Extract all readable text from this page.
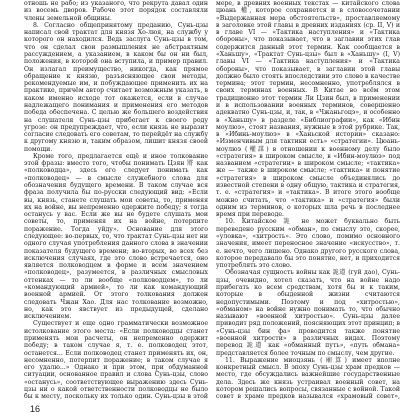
отношь не рабо; из указаного, что рекрута давал один из восемь дворов. Рабоче этот порядок составляли члены земельной общины.

8. Согласно общепринятому преданию, Сунь-цзы написал свой трактат для князя Хо-люя, на службу у которого он находился. Ведь заслуга Сунь-цзы в том, что он сделал свои размышления не абстрактным рассуждением, а указанием, в каком бы он ни был, положения, в которой она вступила, и пример правил. Он излагал преимущество, никогда, как прямое обращение к князю, разъясняющее свои методы, рекомендуемые им, и побуждающее применить их на практике, причём автор считает возможным указать, в каком именно исходе тот окажется, если в случае надлежащего понимания и применения его методов победа обеспечена. С целью же большего воздействия на слушателя Сунь-цзы прибегает к своего роду угрозе: он предупреждает, что, если князь не выразит согласие следовать его советам, то перейдёт на службу к другому князю и, таким образом, лишит князя своей помощи.

Кроме того, предлагается ещё и иное толкование этой фразы: вместо того, чтобы понимать Цзян 將 как «полководца», здесь его следует понимать как «полководец» — в смысле служебного слова для обозначения будущего времени. В таком случае вся фраза получила бы по-русски следующий вид: «Если вы, князь, станете слушать мои советы, то, применяя их на войне, вы непременно одержите победу; я тогда останусь у вас. Если же вы не будете слушать мои советы, то, применяя их на войне, потерпите поражение. Тогда уйду». Основание для этого следующее: во-первых, то, что трактат Сунь-цзы нет ни одного случая употребления данного слова в значении показателя будущего времени; во-вторых, во всех без исключения случаях, где это слово встречается, оно является полководцем в форме и всем значением «полководец», разумеется, в различных смысловых оттенках — то ли вообще «полководцем», то ли «командующий армией», то ли как командующий военной армией. От этого толкования должен следовать Чжан Хао. Для нас толкование возможно, но, как это явствует из предыдущей, сделано исключением.

Существует и еще одно грамматически возможное истолкование этого места: «Если полководцы станет применять мои расчеты, он непременно одержит победу; в таком случае я, т. е. полководец этот, останется... Если полководец станет применять их, он, несомненно, потерпит поражение; в таком случае я его удалю...» Однако и при этом, при обдуманной ситуации, основанное правил и слова Сунь-цзы, слово «останусь», соответствующее выражению здесь Сунь-цзы ни о какой ответственности полководцы не было бы к месту, поскольку их только один. Сунь-цзы в этой

мере, в древних военных текстах — китайского слова цюань 權, которое сохраняется и в словосочетании «Выдержанная мера обстоятельств», проставляемому в заголовке этой главы в древних изданиях (ср. II, V) и в главе VI — «Тактика наступления» и «Тактика обороны», что показывает, что в заглавии этих глав содержится данный этот термин. Как сообщается в «Ханьшу», «Трактат Сунь-цзы» был в «Ханьшу» (I, V) главы VI — «Тактика наступления» и «Тактика обороны», что показывает, в заглавии этой главы должно было стоять впоследствии это слово в качестве термина; этот термин, несомненно, употреблялся в своих терминах военных. В Китае во всём этом традиционно этот термин Ли Цзин был, в применении и в использовании военных терминов, совершенно адекватно Сунь-цзы, и, так, в «Чжаньгоцэ», и особенно в «Ханьшу» в разделе «Библиографии», как «Ибин моулюэ», стоят названия, нужные в этой рубрике. Так, в «Ибинь-моулюэ» в «Ханьской истории» сказано: «Изменчивым для тактики есть» «стратегии». Цюань-моулюэ (權謀) в отношении к военному делу было «стратегия» в широком смысле, в «Ибин-моулюэ» под названием «стратегии» в широком смысле; «тактика» же — также в широком смысле; «тактика» и понятие «стратегия» в широком смысле объединялись до известной степени в одну общую, тактика и стратегия, т. е. «стратегия» и «тактика». В итоге этого вообще можно считать, что «тактика» и «стратегия» были одним из терминов, о которых шла речь в последнее время при переводе.

10. Китайское 詭 не может буквально быть переведено русским «обман», по смыслу это, скорее, «уловка», «хитрость». Это слово, помимо основного значения, имеет переносное значение «искусство», т. е. нечто, чего лишено. Однако другого русского слова, которое передавало бы это понятие, нет, и приходится употреблять это слово.

Обозначая сущность войны как 詭道 (гуй дао), Сунь-цзы, очевидно, хотел сказать, что на войне надо прибегать ко всем средствам, хотя бы и к таким, которые в обыденной жизни считаются недопустимыми. Поэтому и под «хитростью», «обманом» на войне нужно понимать то, что обычно называют «военной хитростью». Сунь-цзы далее приводит ряд положений, поясняющих этот принцип; в «Сунь-цзы бин фа» проводится также понятие «военной хитрости» в различных видах. Поэтому перевод 詭道 как «обманный путь», «путь обмана» представляется более точным по смыслу, чем другие.

11. Выражение миоцзянь (廟算) имеет вполне конкретный смысл. В эпоху Сунь-цзы храм предков — место, где обсуждались важнейшие государственные дела. Здесь же князь устраивал военный совет, на котором решались вопросы, связанные с войной. Такой совет в храме предков назывался «храмовый совет»,

16
